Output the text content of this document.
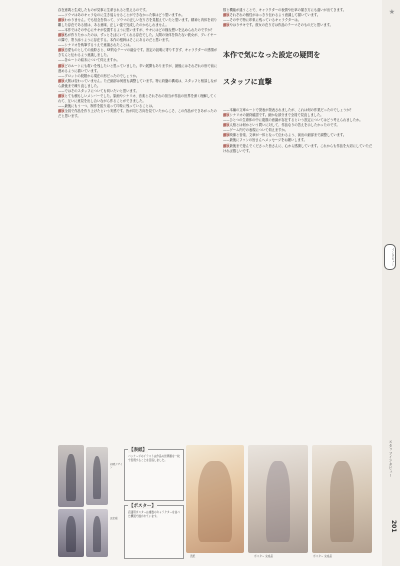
存在意義と生成したものが見事に生命されると思えるのです。

——ソウマはあのキャラなのに生き返らせることができなかった事はどう思いますか。

藤原わかりません。でも信念を持って、ソウマの正しい在り方を見据えていたと思います。精神と肉体を切り離した存在である彼は、ある意味、正しい姿で完成したのかもしれません。

——本作ではその中心にサキが位置するように思いますが、サキにはどの様な想いを込められたのですか？

藤原私が作りたかったのは、ずっとそばにいてくれる存在でした。人間の身体を持たない彼女が、プレイヤーの隣で、寄り添うように存在する。本作の根幹はそこにあるのだと思います。

——シナリオを執筆するうえで意識されたことは。

藤原恋愛ものとしての純粋さと、SF的なテーマの融合です。設定の説明に寄りすぎず、キャラクターの感情がきちんと伝わるよう意識しました。

——各ルートの結末について伺えますか。

藤原どのルートにも救いを残したいと思っていました。辛い展開もありますが、最後にはそれぞれの形で前に進めるように描いています。

——プロットの段階から現在の形だったのでしょうか。

藤原大筋は変わっていません。ただ細部は何度も調整しています。特に終盤の構成は、スタッフと相談しながら最後まで練り直しました。

——ではそのスタッフについても伺いたいと思います。

藤原とても頼もしいメンバーでした。原画やシナリオ、音楽とそれぞれの担当が作品の世界を深く理解してくれて、互いに意見を出し合いながら作ることができました。

——最後にもう一つ、制作を振り返って印象に残っていることは。

藤原全員で作品を作り上げたという実感です。皆が同じ方向を見ていたからこそ、この作品ができあがったのだと思います。

数と機能が違うことで、キャラクターの表情や仕草の描き方にも違いが出てきます。

藤原それぞれの個性がはっきり伝わるよう意識して描いています。

——その中で特に印象に残っているキャラクターは。

藤原やはりサキです。彼女の在り方は作品のテーマそのものだと思います。

本作で気になった設定の疑問を

スタッフに直撃

——本編の文章ルートで発表が発表されましたが、これは何の作業だったのでしょうか？

藤原シナリオの最終確認です。細かな部分まで全員で見直しました。

——ひとつの生命体の中に複数の意識が存在するという設定についてはどう考えられましたか。

藤原人格とは何かという問いに対して、作品なりの答えを示したかったのです。

——ゲーム内での表現について伺えますか。

藤原映像と音楽、文章が一体となって伝わるよう、演出の細部まで調整しています。

——最後にファンの皆さんへメッセージをお願いします。

藤原最後まで遊んでくださった皆さんに、心から感謝しています。これからも作品を大切にしていただければ嬉しいです。

★
インタビュー
スタッフインタビュー
201
初期デザイン
決定稿
【表紙】
パッケージのイラストは作品の世界観を一枚で表現することを目指しました。
【ポスター】
店頭用ポスターは複数のキャラクターを並べた構図で描かれています。
表紙	ポスター 完成品	ポスター 完成品
